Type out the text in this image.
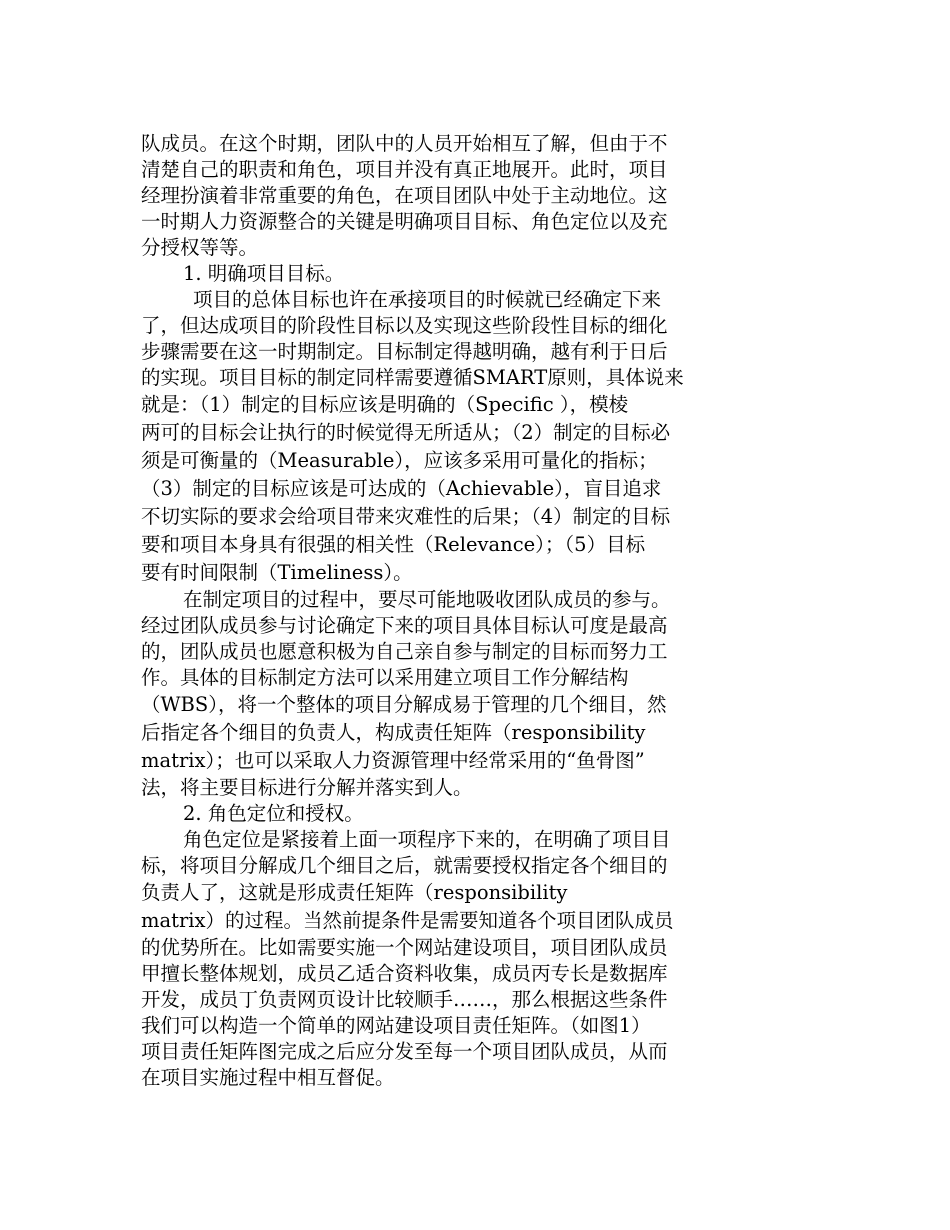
队成员。在这个时期，团队中的人员开始相互了解，但由于不
清楚自己的职责和角色，项目并没有真正地展开。此时，项目
经理扮演着非常重要的角色，在项目团队中处于主动地位。这
一时期人力资源整合的关键是明确项目目标、角色定位以及充
分授权等等。
1. 明确项目目标。
项目的总体目标也许在承接项目的时候就已经确定下来
了，但达成项目的阶段性目标以及实现这些阶段性目标的细化
步骤需要在这一时期制定。目标制定得越明确，越有利于日后
的实现。项目目标的制定同样需要遵循SMART原则，具体说来
就是：（1）制定的目标应该是明确的（Specific ），模棱
两可的目标会让执行的时候觉得无所适从；（2）制定的目标必
须是可衡量的（Measurable），应该多采用可量化的指标；
（3）制定的目标应该是可达成的（Achievable），盲目追求
不切实际的要求会给项目带来灾难性的后果；（4）制定的目标
要和项目本身具有很强的相关性（Relevance）；（5）目标
要有时间限制（Timeliness）。
在制定项目的过程中，要尽可能地吸收团队成员的参与。
经过团队成员参与讨论确定下来的项目具体目标认可度是最高
的，团队成员也愿意积极为自己亲自参与制定的目标而努力工
作。具体的目标制定方法可以采用建立项目工作分解结构
（WBS），将一个整体的项目分解成易于管理的几个细目，然
后指定各个细目的负责人，构成责任矩阵（responsibility
matrix）；也可以采取人力资源管理中经常采用的“鱼骨图”
法，将主要目标进行分解并落实到人。
2. 角色定位和授权。
角色定位是紧接着上面一项程序下来的，在明确了项目目
标，将项目分解成几个细目之后，就需要授权指定各个细目的
负责人了，这就是形成责任矩阵（responsibility
matrix）的过程。当然前提条件是需要知道各个项目团队成员
的优势所在。比如需要实施一个网站建设项目，项目团队成员
甲擅长整体规划，成员乙适合资料收集，成员丙专长是数据库
开发，成员丁负责网页设计比较顺手……，那么根据这些条件
我们可以构造一个简单的网站建设项目责任矩阵。（如图1）
项目责任矩阵图完成之后应分发至每一个项目团队成员，从而
在项目实施过程中相互督促。
